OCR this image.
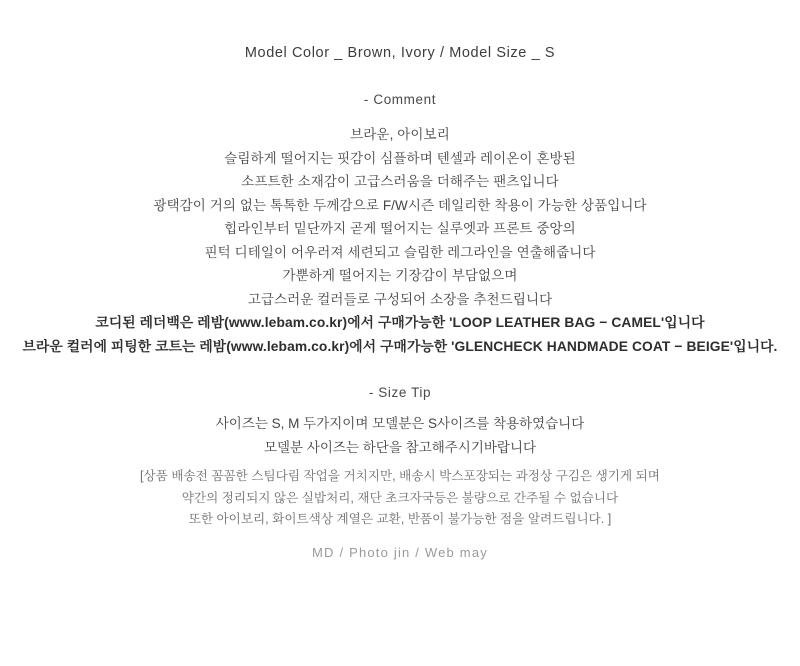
Model Color _ Brown, Ivory / Model Size _ S
- Comment
브라운, 아이보리
슬림하게 떨어지는 핏감이 심플하며 텐셀과 레이온이 혼방된
소프트한 소재감이 고급스러움을 더해주는 팬츠입니다
광택감이 거의 없는 톡톡한 두께감으로 F/W시즌 데일리한 착용이 가능한 상품입니다
힙라인부터 밑단까지 곧게 떨어지는 실루엣과 프론트 중앙의
핀턱 디테일이 어우러져 세련되고 슬림한 레그라인을 연출해줍니다
가뿐하게 떨어지는 기장감이 부담없으며
고급스러운 컬러들로 구성되어 소장을 추천드립니다
코디된 레더백은 레밤(www.lebam.co.kr)에서 구매가능한 'LOOP LEATHER BAG − CAMEL'입니다
브라운 컬러에 피팅한 코트는 레밤(www.lebam.co.kr)에서 구매가능한 'GLENCHECK HANDMADE COAT − BEIGE'입니다.
- Size Tip
사이즈는 S, M 두가지이며 모델분은 S사이즈를 착용하였습니다
모델분 사이즈는 하단을 참고해주시기바랍니다
[상품 배송전 꼼꼼한 스팀다림 작업을 거치지만, 배송시 박스포장되는 과정상 구김은 생기게 되며
약간의 정리되지 않은 실밥처리, 재단 초크자국등은 불량으로 간주될 수 없습니다
또한 아이보리, 화이트색상 계열은 교환, 반품이 불가능한 점을 알려드립니다. ]
MD / Photo jin / Web may
